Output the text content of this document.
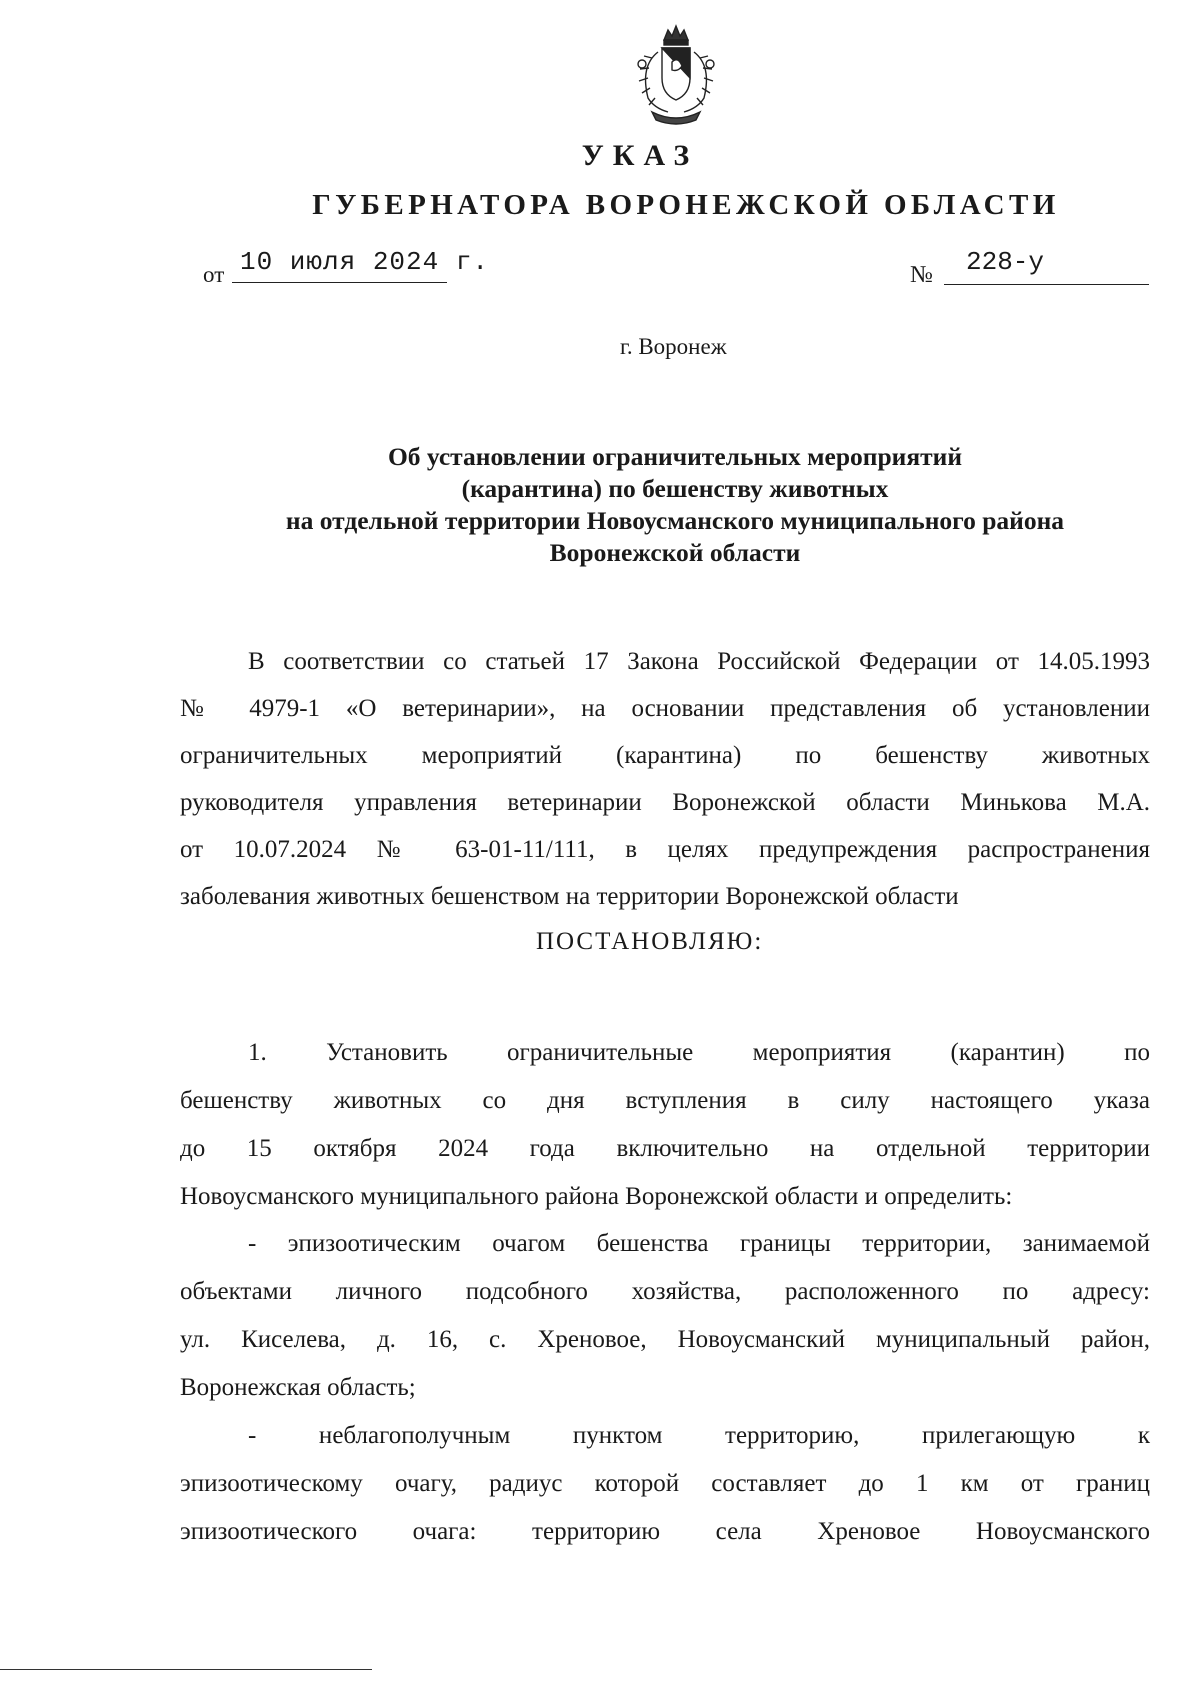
УКАЗ
ГУБЕРНАТОРА ВОРОНЕЖСКОЙ ОБЛАСТИ
от 10 июля 2024 г.	№ 228-у
г. Воронеж
Об установлении ограничительных мероприятий
(карантина) по бешенству животных
на отдельной территории Новоусманского муниципального района
Воронежской области
В соответствии со статьей 17 Закона Российской Федерации от 14.05.1993
№ 4979-1 «О ветеринарии», на основании представления об установлении
ограничительных мероприятий (карантина) по бешенству животных
руководителя управления ветеринарии Воронежской области Минькова М.А.
от 10.07.2024 № 63-01-11/111, в целях предупреждения распространения
заболевания животных бешенством на территории Воронежской области
ПОСТАНОВЛЯЮ:
1. Установить ограничительные мероприятия (карантин) по
бешенству животных со дня вступления в силу настоящего указа
до 15 октября 2024 года включительно на отдельной территории
Новоусманского муниципального района Воронежской области и определить:
- эпизоотическим очагом бешенства границы территории, занимаемой
объектами личного подсобного хозяйства, расположенного по адресу:
ул. Киселева, д. 16, с. Хреновое, Новоусманский муниципальный район,
Воронежская область;
- неблагополучным пунктом территорию, прилегающую к
эпизоотическому очагу, радиус которой составляет до 1 км от границ
эпизоотического очага: территорию села Хреновое Новоусманского
